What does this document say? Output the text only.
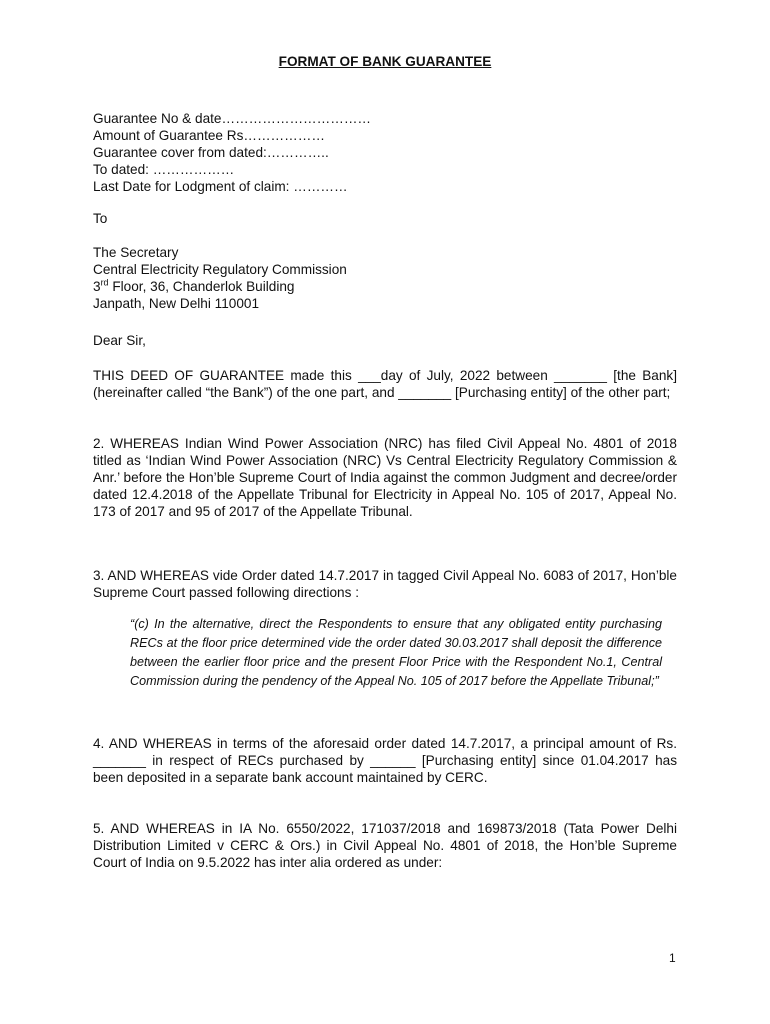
FORMAT OF BANK GUARANTEE
Guarantee No & date……………………………
Amount of Guarantee Rs………………
Guarantee cover from dated:…………..
To dated: ………………
Last Date for Lodgment of claim: …………
To
The Secretary
Central Electricity Regulatory Commission
3rd Floor, 36, Chanderlok Building
Janpath, New Delhi 110001
Dear Sir,
THIS DEED OF GUARANTEE made this ___day of July, 2022 between _______ [the Bank] (hereinafter called “the Bank”) of the one part, and _______ [Purchasing entity] of the other part;
2. WHEREAS Indian Wind Power Association (NRC) has filed Civil Appeal No. 4801 of 2018 titled as ‘Indian Wind Power Association (NRC) Vs Central Electricity Regulatory Commission & Anr.’ before the Hon’ble Supreme Court of India against the common Judgment and decree/order dated 12.4.2018 of the Appellate Tribunal for Electricity in Appeal No. 105 of 2017, Appeal No. 173 of 2017 and 95 of 2017 of the Appellate Tribunal.
3. AND WHEREAS vide Order dated 14.7.2017 in tagged Civil Appeal No. 6083 of 2017, Hon’ble Supreme Court passed following directions :
“(c) In the alternative, direct the Respondents to ensure that any obligated entity purchasing RECs at the floor price determined vide the order dated 30.03.2017 shall deposit the difference between the earlier floor price and the present Floor Price with the Respondent No.1, Central Commission during the pendency of the Appeal No. 105 of 2017 before the Appellate Tribunal;”
4. AND WHEREAS in terms of the aforesaid order dated 14.7.2017, a principal amount of Rs. _______ in respect of RECs purchased by ______ [Purchasing entity] since 01.04.2017 has been deposited in a separate bank account maintained by CERC.
5. AND WHEREAS in IA No. 6550/2022, 171037/2018 and 169873/2018 (Tata Power Delhi Distribution Limited v CERC & Ors.) in Civil Appeal No. 4801 of 2018, the Hon’ble Supreme Court of India on 9.5.2022 has inter alia ordered as under:
1
